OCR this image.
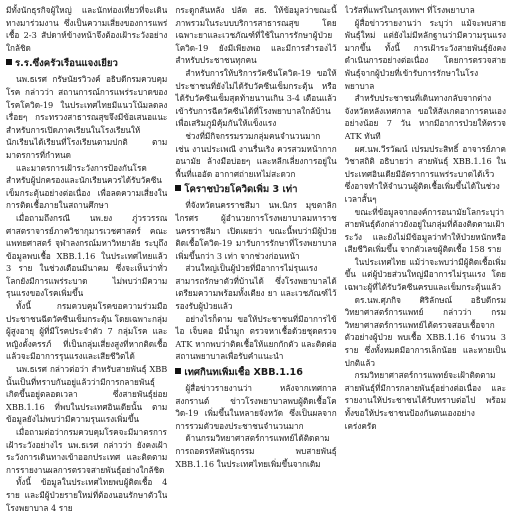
มีทั้งนักธุรกิจผู้ใหญ่ และนักท่องเที่ยวที่จะเดินทางมาร่วมงาน ซึ่งเป็นความเสี่ยงของการแพร่เชื้อ 2-3 สัปดาห์ข้างหน้าจึงต้องเฝ้าระวังอย่างใกล้ชิด

ร.ร.ซึ่งครัวเรือนแจงเยียว

นพ.ธเรศ กรัษนัยรวิวงค์ อธิบดีกรมควบคุมโรค กล่าวว่า สถานการณ์การแพร่ระบาดของโรคโควิด-19 ในประเทศไทยมีแนวโน้มลดลงเรื่อยๆ กระทรวงสาธารณสุขจึงมีข้อเสนอแนะ สำหรับการเปิดภาคเรียนในโรงเรียนให้นักเรียนได้เรียนที่โรงเรียนตามปกติ ตามมาตรการที่กำหนด

และมาตรการเฝ้าระวังการป้องกันโรค สำหรับผู้ปกครองและนักเรียนควรได้รับวัคซีนเข็มกระตุ้นอย่างต่อเนื่อง เพื่อลดความเสี่ยงในการติดเชื้อภายในสถานศึกษา

เมื่อถามถึงกรณี นพ.ยง ภู่วรวรรณ ศาสตราจารย์ภาควิชากุมารเวชศาสตร์ คณะแพทยศาสตร์ จุฬาลงกรณ์มหาวิทยาลัย ระบุถึงข้อมูลพบเชื้อ XBB.1.16 ในประเทศไทยแล้ว 3 ราย ในช่วงเดือนมีนาคม ซึ่งจะเห็นว่าทั่วโลกยังมีการแพร่ระบาด ไม่พบว่ามีความรุนแรงของโรคเพิ่มขึ้น

ทั้งนี้ กรมควบคุมโรคขอความร่วมมือประชาชนฉีดวัคซีนเข็มกระตุ้น โดยเฉพาะกลุ่มผู้สูงอายุ ผู้ที่มีโรคประจำตัว 7 กลุ่มโรค และหญิงตั้งครรภ์ ที่เป็นกลุ่มเสี่ยงสูงที่หากติดเชื้อแล้วจะมีอาการรุนแรงและเสียชีวิตได้

นพ.ธเรศ กล่าวต่อว่า สำหรับสายพันธุ์ XBB นั้นเป็นที่ทราบกันอยู่แล้วว่ามีการกลายพันธุ์เกิดขึ้นอยู่ตลอดเวลา ซึ่งสายพันธุ์ย่อย XBB.1.16 ที่พบในประเทศอินเดียนั้น ตามข้อมูลยังไม่พบว่ามีความรุนแรงเพิ่มขึ้น

เมื่อถามต่อว่ากรมควบคุมโรคจะมีมาตรการเฝ้าระวังอย่างไร นพ.ธเรศ กล่าวว่า ยังคงเฝ้าระวังการเดินทางเข้าออกประเทศ และติดตามการรายงานผลการตรวจสายพันธุ์อย่างใกล้ชิด

ทั้งนี้ ข้อมูลในประเทศไทยพบผู้ติดเชื้อ 4 ราย และมีผู้ป่วยรายใหม่ที่ต้องนอนรักษาตัวในโรงพยาบาล 4 ราย

กระดูกสันหลัง ปลัด สธ. ให้ข้อมูลว่าขณะนี้ภาพรวมในระบบบริการสาธารณสุข โดยเฉพาะยาและเวชภัณฑ์ที่ใช้ในการรักษาผู้ป่วยโควิด-19 ยังมีเพียงพอ และมีการสำรองไว้สำหรับประชาชนทุกคน

สำหรับการให้บริการวัคซีนโควิด-19 ขอให้ประชาชนที่ยังไม่ได้รับวัคซีนเข็มกระตุ้น หรือได้รับวัคซีนเข็มสุดท้ายนานเกิน 3-4 เดือนแล้ว เข้ารับการฉีดวัคซีนได้ที่โรงพยาบาลใกล้บ้าน เพื่อเสริมภูมิคุ้มกันให้แข็งแรง

ช่วงที่มีกิจกรรมรวมกลุ่มคนจำนวนมาก เช่น งานประเพณี งานรื่นเริง ควรสวมหน้ากากอนามัย ล้างมือบ่อยๆ และหลีกเลี่ยงการอยู่ในพื้นที่แออัด อากาศถ่ายเทไม่สะดวก

โคราชป่วยโควิดเพิ่ม 3 เท่า

ที่จังหวัดนครราชสีมา นพ.นิกร มุขตาลิกไกรศร ผู้อำนวยการโรงพยาบาลมหาราชนครราชสีมา เปิดเผยว่า ขณะนี้พบว่ามีผู้ป่วยติดเชื้อโควิด-19 มารับการรักษาที่โรงพยาบาลเพิ่มขึ้นกว่า 3 เท่า จากช่วงก่อนหน้า

ส่วนใหญ่เป็นผู้ป่วยที่มีอาการไม่รุนแรง สามารถรักษาตัวที่บ้านได้ ซึ่งโรงพยาบาลได้เตรียมความพร้อมทั้งเตียง ยา และเวชภัณฑ์ไว้รองรับผู้ป่วยแล้ว

อย่างไรก็ตาม ขอให้ประชาชนที่มีอาการไข้ ไอ เจ็บคอ มีน้ำมูก ตรวจหาเชื้อด้วยชุดตรวจ ATK หากพบว่าติดเชื้อให้แยกกักตัว และติดต่อสถานพยาบาลเพื่อรับคำแนะนำ

เทศกินทเพิ่มเชื้อ XBB.1.16

ผู้สื่อข่าวรายงานว่า หลังจากเทศกาลสงกรานต์ ข่าวโรงพยาบาลพบผู้ติดเชื้อโควิด-19 เพิ่มขึ้นในหลายจังหวัด ซึ่งเป็นผลจากการรวมตัวของประชาชนจำนวนมาก

ด้านกรมวิทยาศาสตร์การแพทย์ได้ติดตามการถอดรหัสพันธุกรรม พบสายพันธุ์ XBB.1.16 ในประเทศไทยเพิ่มขึ้นจากเดิม

ไวรัสที่แพร่ในกรุงเทพฯ ที่โรงพยาบาล

ผู้สื่อข่าวรายงานว่า ระบุว่า แม้จะพบสายพันธุ์ใหม่ แต่ยังไม่มีหลักฐานว่ามีความรุนแรงมากขึ้น ทั้งนี้ การเฝ้าระวังสายพันธุ์ยังคงดำเนินการอย่างต่อเนื่อง โดยการตรวจสายพันธุ์จากผู้ป่วยที่เข้ารับการรักษาในโรงพยาบาล

สำหรับประชาชนที่เดินทางกลับจากต่างจังหวัดหลังเทศกาล ขอให้สังเกตอาการตนเองอย่างน้อย 7 วัน หากมีอาการป่วยให้ตรวจ ATK ทันที

ผศ.นพ.วีรวัฒน์ เปรมประสิทธิ์ อาจารย์ภาควิชาสถิติ อธิบายว่า สายพันธุ์ XBB.1.16 ในประเทศอินเดียมีอัตราการแพร่ระบาดได้เร็ว ซึ่งอาจทำให้จำนวนผู้ติดเชื้อเพิ่มขึ้นได้ในช่วงเวลาสั้นๆ

ขณะที่ข้อมูลจากองค์การอนามัยโลกระบุว่า สายพันธุ์ดังกล่าวยังอยู่ในกลุ่มที่ต้องติดตามเฝ้าระวัง และยังไม่มีข้อมูลว่าทำให้ป่วยหนักหรือเสียชีวิตเพิ่มขึ้น จากตัวเลขผู้ติดเชื้อ 158 ราย

ในประเทศไทย แม้ว่าจะพบว่ามีผู้ติดเชื้อเพิ่มขึ้น แต่ผู้ป่วยส่วนใหญ่มีอาการไม่รุนแรง โดยเฉพาะผู้ที่ได้รับวัคซีนครบและเข็มกระตุ้นแล้ว

ดร.นพ.ศุภกิจ ศิริลักษณ์ อธิบดีกรมวิทยาศาสตร์การแพทย์ กล่าวว่า กรมวิทยาศาสตร์การแพทย์ได้ตรวจสอบเชื้อจากตัวอย่างผู้ป่วย พบเชื้อ XBB.1.16 จำนวน 3 ราย ซึ่งทั้งหมดมีอาการเล็กน้อย และหายเป็นปกติแล้ว

กรมวิทยาศาสตร์การแพทย์จะเฝ้าติดตามสายพันธุ์ที่มีการกลายพันธุ์อย่างต่อเนื่อง และรายงานให้ประชาชนได้รับทราบต่อไป พร้อมทั้งขอให้ประชาชนป้องกันตนเองอย่างเคร่งครัด
